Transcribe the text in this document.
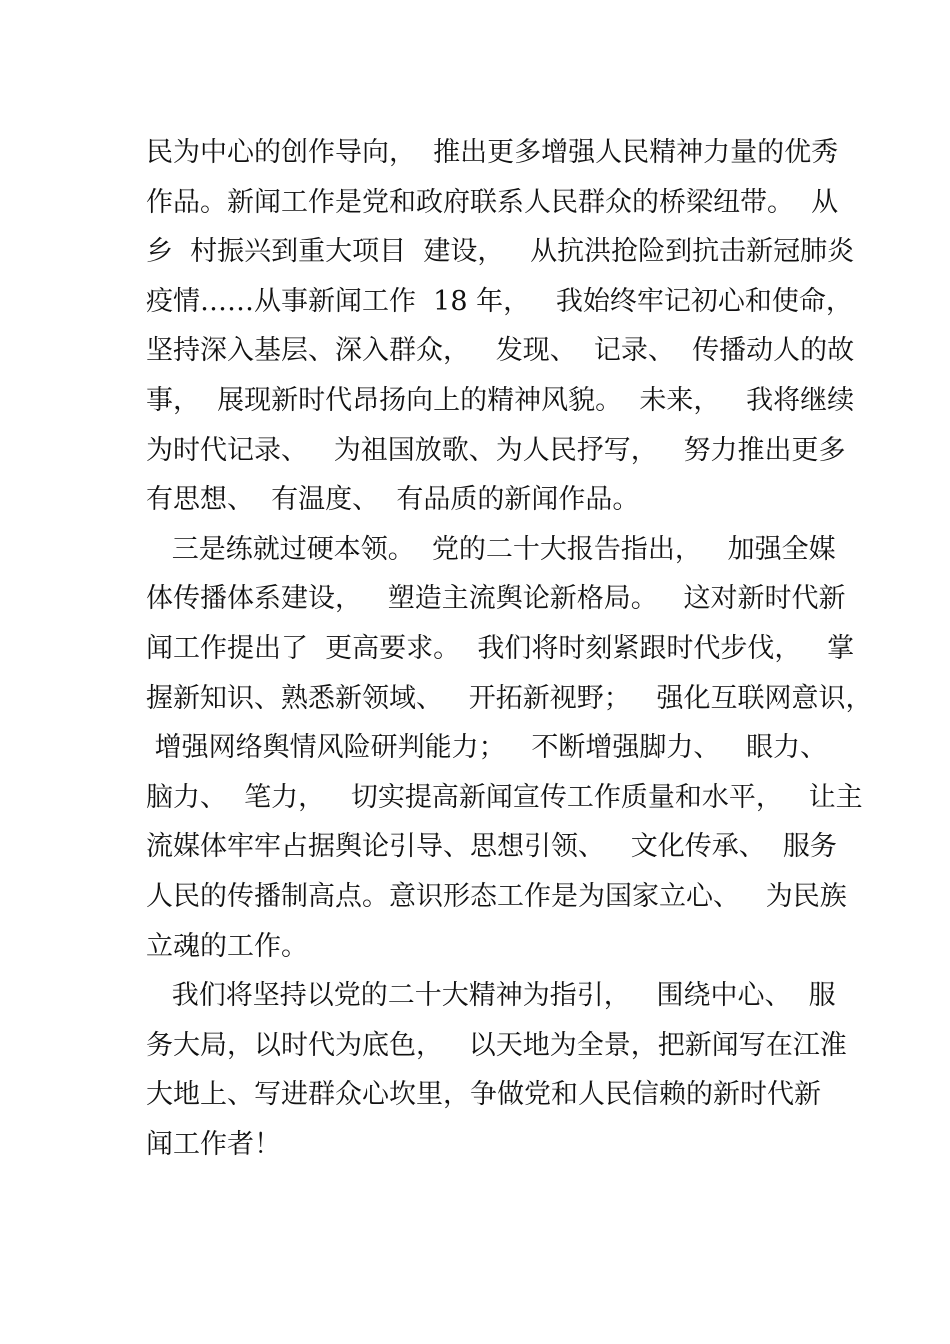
民为中心的创作导向，  推出更多增强人民精神力量的优秀
作品。新闻工作是党和政府联系人民群众的桥梁纽带。  从
乡  村振兴到重大项目  建设，   从抗洪抢险到抗击新冠肺炎
疫情……从事新闻工作  18 年，   我始终牢记初心和使命，
坚持深入基层、深入群众，   发现、  记录、  传播动人的故
事，  展现新时代昂扬向上的精神风貌。  未来，   我将继续
为时代记录、   为祖国放歌、为人民抒写，   努力推出更多
有思想、  有温度、  有品质的新闻作品。
三是练就过硬本领。  党的二十大报告指出，   加强全媒
体传播体系建设，   塑造主流舆论新格局。   这对新时代新
闻工作提出了  更高要求。  我们将时刻紧跟时代步伐，   掌
握新知识、熟悉新领域、   开拓新视野；   强化互联网意识，
增强网络舆情风险研判能力；   不断增强脚力、   眼力、
脑力、  笔力，   切实提高新闻宣传工作质量和水平，   让主
流媒体牢牢占据舆论引导、思想引领、   文化传承、  服务
人民的传播制高点。意识形态工作是为国家立心、   为民族
立魂的工作。
我们将坚持以党的二十大精神为指引，   围绕中心、  服
务大局，以时代为底色，   以天地为全景，把新闻写在江淮
大地上、写进群众心坎里，争做党和人民信赖的新时代新
闻工作者！
